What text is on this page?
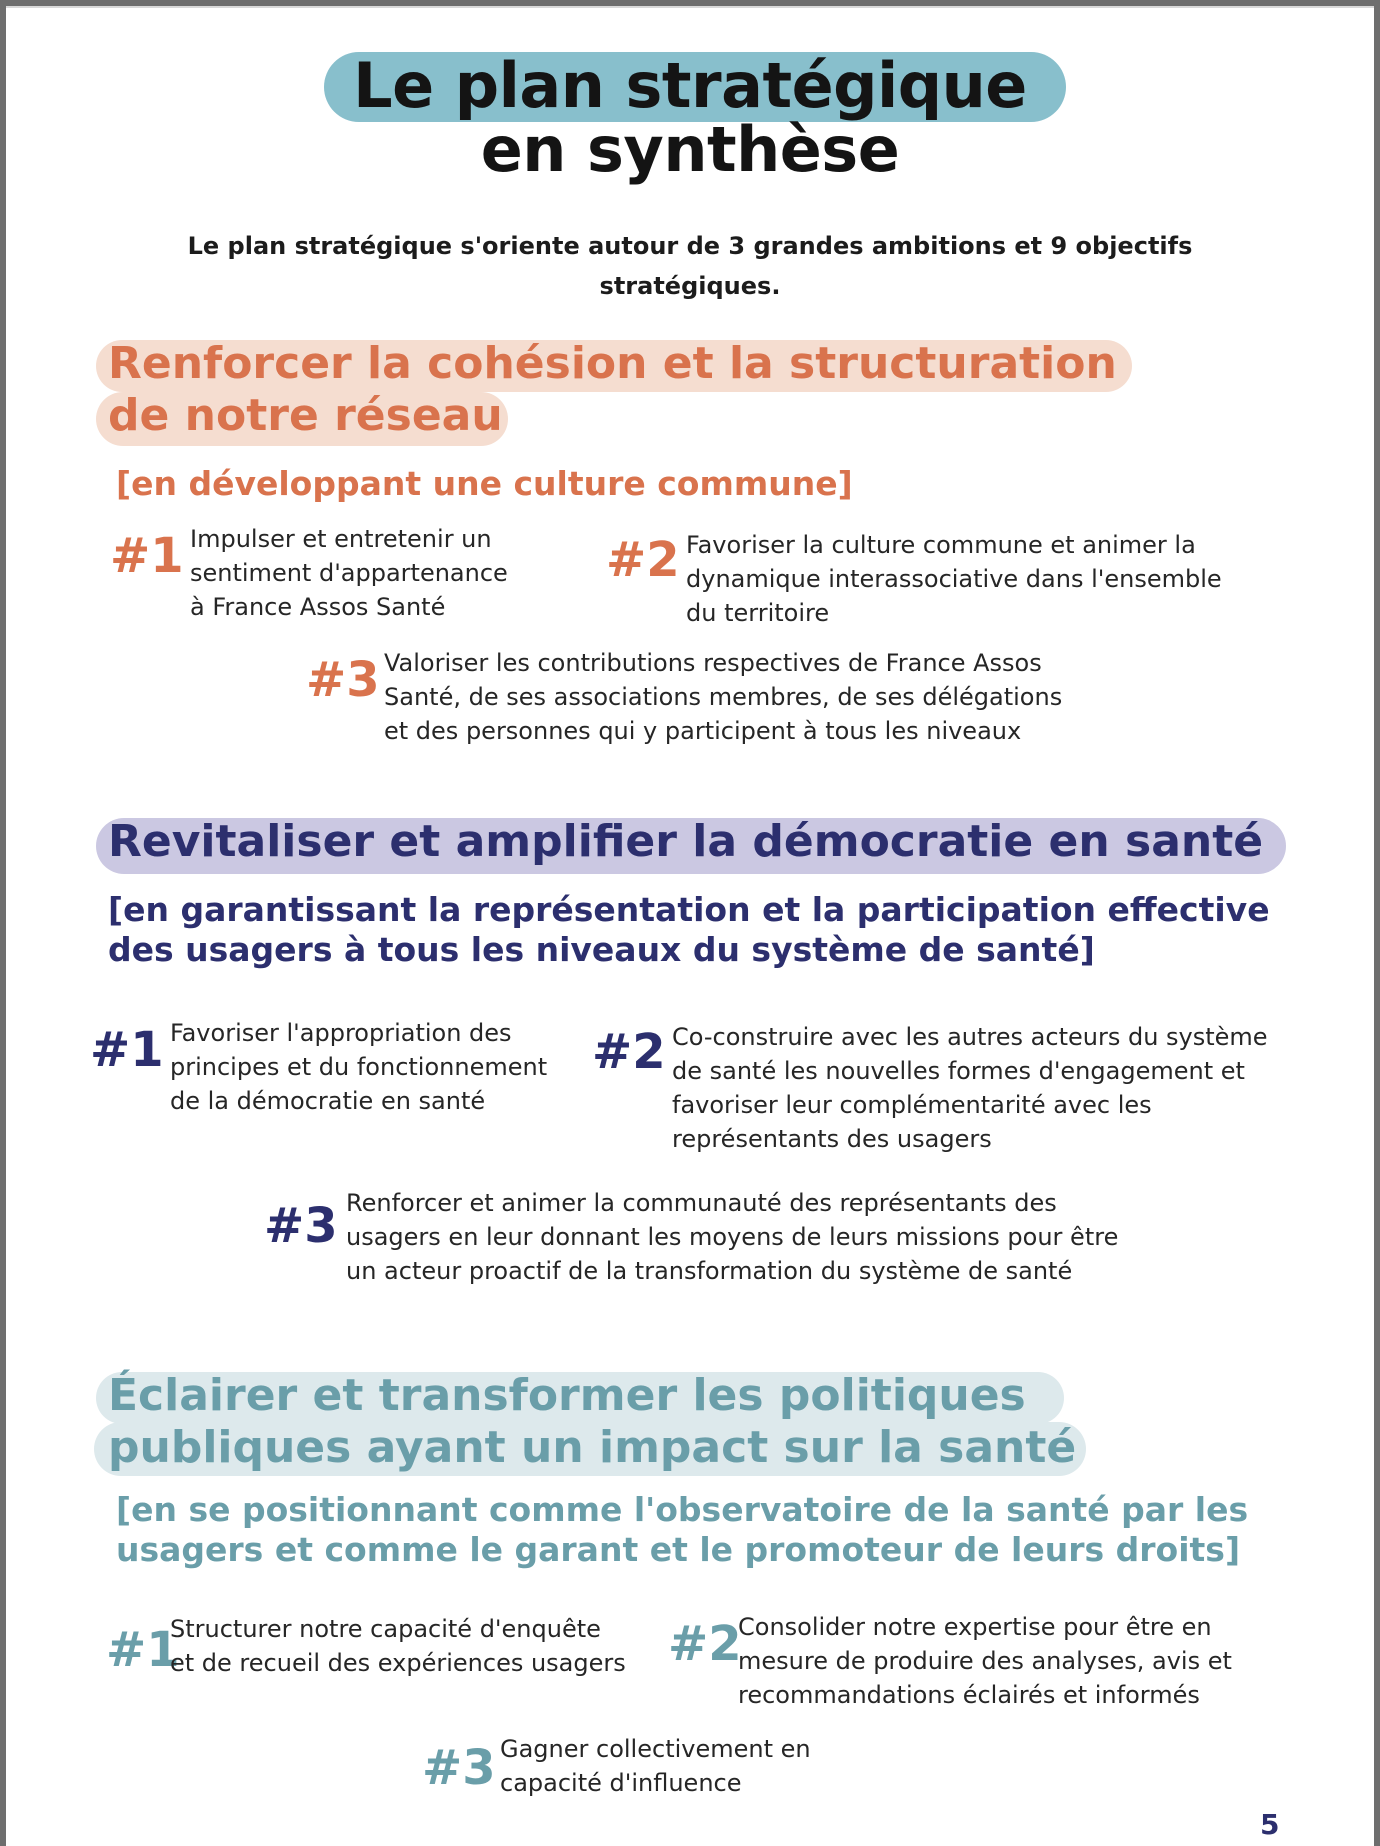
Le plan stratégique
en synthèse
Le plan stratégique s'oriente autour de 3 grandes ambitions et 9 objectifs stratégiques.
Renforcer la cohésion et la structuration
de notre réseau
[en développant une culture commune]
#1 Impulser et entretenir un
sentiment d'appartenance
à France Assos Santé
#2 Favoriser la culture commune et animer la
dynamique interassociative dans l'ensemble
du territoire
#3 Valoriser les contributions respectives de France Assos
Santé, de ses associations membres, de ses délégations
et des personnes qui y participent à tous les niveaux
Revitaliser et amplifier la démocratie en santé
[en garantissant la représentation et la participation effective
des usagers à tous les niveaux du système de santé]
#1 Favoriser l'appropriation des
principes et du fonctionnement
de la démocratie en santé
#2 Co-construire avec les autres acteurs du système
de santé les nouvelles formes d'engagement et
favoriser leur complémentarité avec les
représentants des usagers
#3 Renforcer et animer la communauté des représentants des
usagers en leur donnant les moyens de leurs missions pour être
un acteur proactif de la transformation du système de santé
Éclairer et transformer les politiques
publiques ayant un impact sur la santé
[en se positionnant comme l'observatoire de la santé par les
usagers et comme le garant et le promoteur de leurs droits]
#1
Structurer notre capacité d'enquête
et de recueil des expériences usagers #2
Consolider notre expertise pour être en
mesure de produire des analyses, avis et
recommandations éclairés et informés
#3 Gagner collectivement en
capacité d'influence
5
